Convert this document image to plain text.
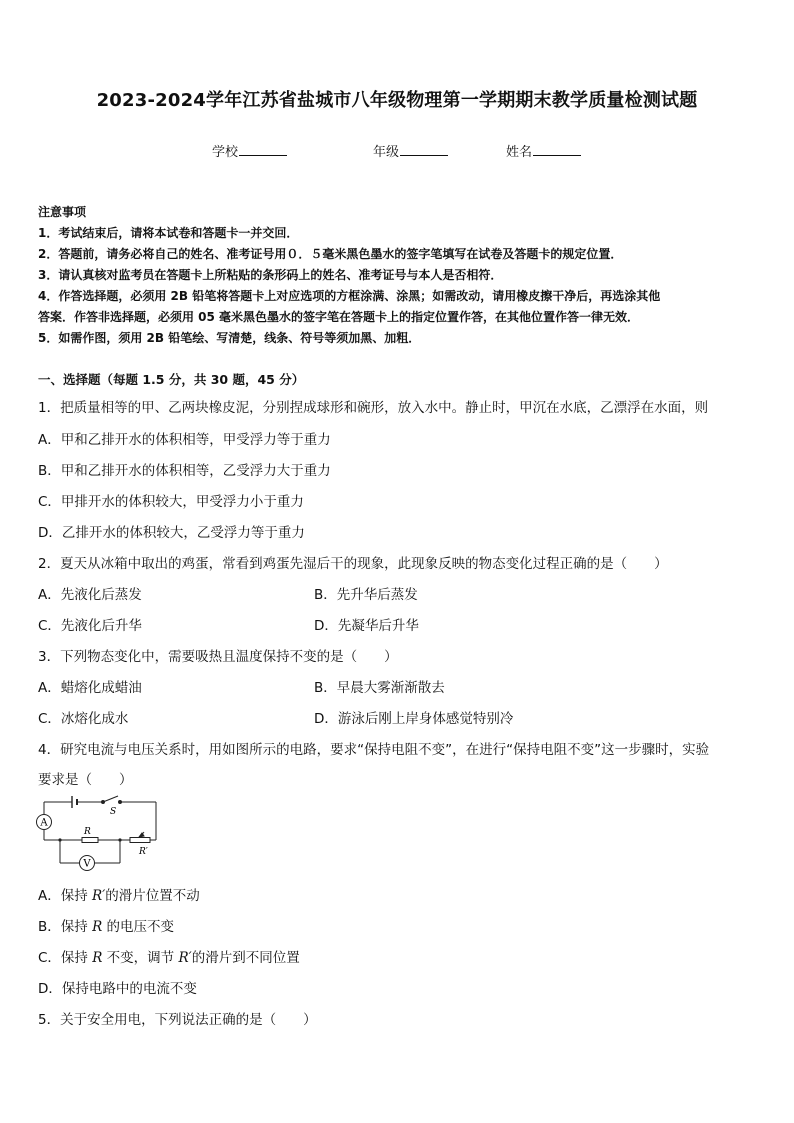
2023-2024学年江苏省盐城市八年级物理第一学期期末教学质量检测试题
学校	年级	姓名
注意事项
1．考试结束后，请将本试卷和答题卡一并交回．
2．答题前，请务必将自己的姓名、准考证号用０．５毫米黑色墨水的签字笔填写在试卷及答题卡的规定位置．
3．请认真核对监考员在答题卡上所粘贴的条形码上的姓名、准考证号与本人是否相符．
4．作答选择题，必须用 2B 铅笔将答题卡上对应选项的方框涂满、涂黑；如需改动，请用橡皮擦干净后，再选涂其他
答案．作答非选择题，必须用 05 毫米黑色墨水的签字笔在答题卡上的指定位置作答，在其他位置作答一律无效．
5．如需作图，须用 2B 铅笔绘、写清楚，线条、符号等须加黑、加粗．
一、选择题（每题 1.5 分，共 30 题，45 分）
1．把质量相等的甲、乙两块橡皮泥，分别捏成球形和碗形，放入水中。静止时，甲沉在水底，乙漂浮在水面，则
A．甲和乙排开水的体积相等，甲受浮力等于重力
B．甲和乙排开水的体积相等，乙受浮力大于重力
C．甲排开水的体积较大，甲受浮力小于重力
D．乙排开水的体积较大，乙受浮力等于重力
2．夏天从冰箱中取出的鸡蛋，常看到鸡蛋先湿后干的现象，此现象反映的物态变化过程正确的是（　　）
A．先液化后蒸发	B．先升华后蒸发
C．先液化后升华	D．先凝华后升华
3．下列物态变化中，需要吸热且温度保持不变的是（　　）
A．蜡熔化成蜡油	B．早晨大雾渐渐散去
C．冰熔化成水	D．游泳后刚上岸身体感觉特别冷
4．研究电流与电压关系时，用如图所示的电路，要求“保持电阻不变”，在进行“保持电阻不变”这一步骤时，实验
要求是（　　）
A
V
S
R
R′
A．保持 R′的滑片位置不动
B．保持 R 的电压不变
C．保持 R 不变，调节 R′的滑片到不同位置
D．保持电路中的电流不变
5．关于安全用电，下列说法正确的是（　　）
